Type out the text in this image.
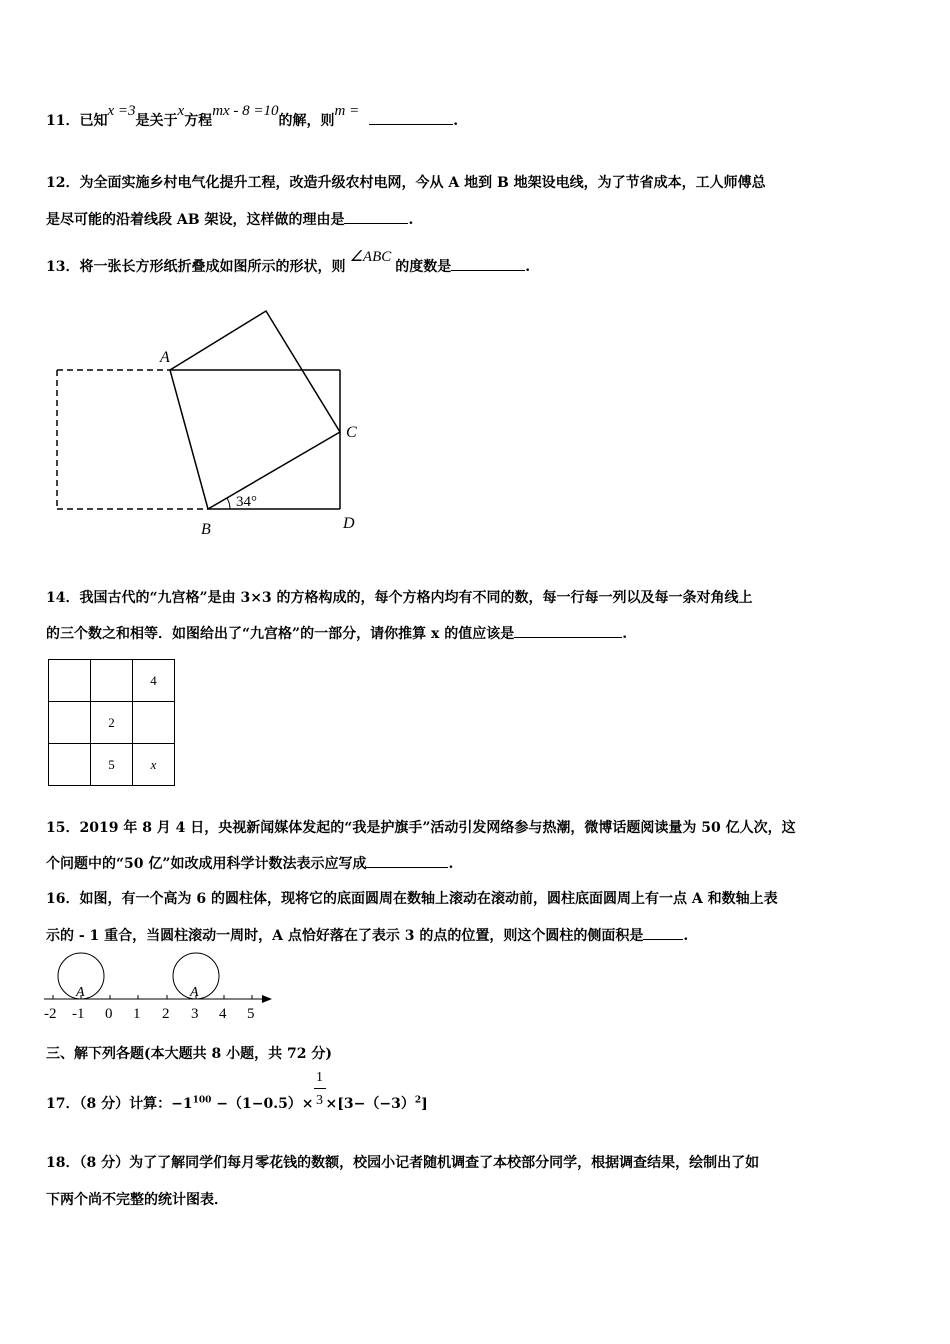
11．已知x =3是关于x方程mx - 8 =10的解，则m =.
12．为全面实施乡村电气化提升工程，改造升级农村电网，今从 A 地到 B 地架设电线，为了节省成本，工人师傅总
是尽可能的沿着线段 AB 架设，这样做的理由是	.
13．将一张长方形纸折叠成如图所示的形状，则∠ABC的度数是	.
A
B
C
D
34°
14．我国古代的“九宫格”是由 3×3 的方格构成的，每个方格内均有不同的数，每一行每一列以及每一条对角线上
的三个数之和相等．如图给出了“九宫格”的一部分，请你推算 x 的值应该是	.
		4
	2	
	5	x
15．2019 年 8 月 4 日，央视新闻媒体发起的“我是护旗手”活动引发网络参与热潮，微博话题阅读量为 50 亿人次，这
个问题中的“50 亿”如改成用科学计数法表示应写成	.
16．如图，有一个高为 6 的圆柱体，现将它的底面圆周在数轴上滚动在滚动前，圆柱底面圆周上有一点 A 和数轴上表
示的 - 1 重合，当圆柱滚动一周时，A 点恰好落在了表示 3 的点的位置，则这个圆柱的侧面积是	.
-2 -1 0 1 2 3 4 5
A	A
三、解下列各题(本大题共 8 小题，共 72 分)
17．（8 分）计算：$-1^{100} -(1-0.5)\times \frac{1}{3} \times[3-(-3)^2]$
18．（8 分）为了了解同学们每月零花钱的数额，校园小记者随机调查了本校部分同学，根据调查结果，绘制出了如
下两个尚不完整的统计图表．
